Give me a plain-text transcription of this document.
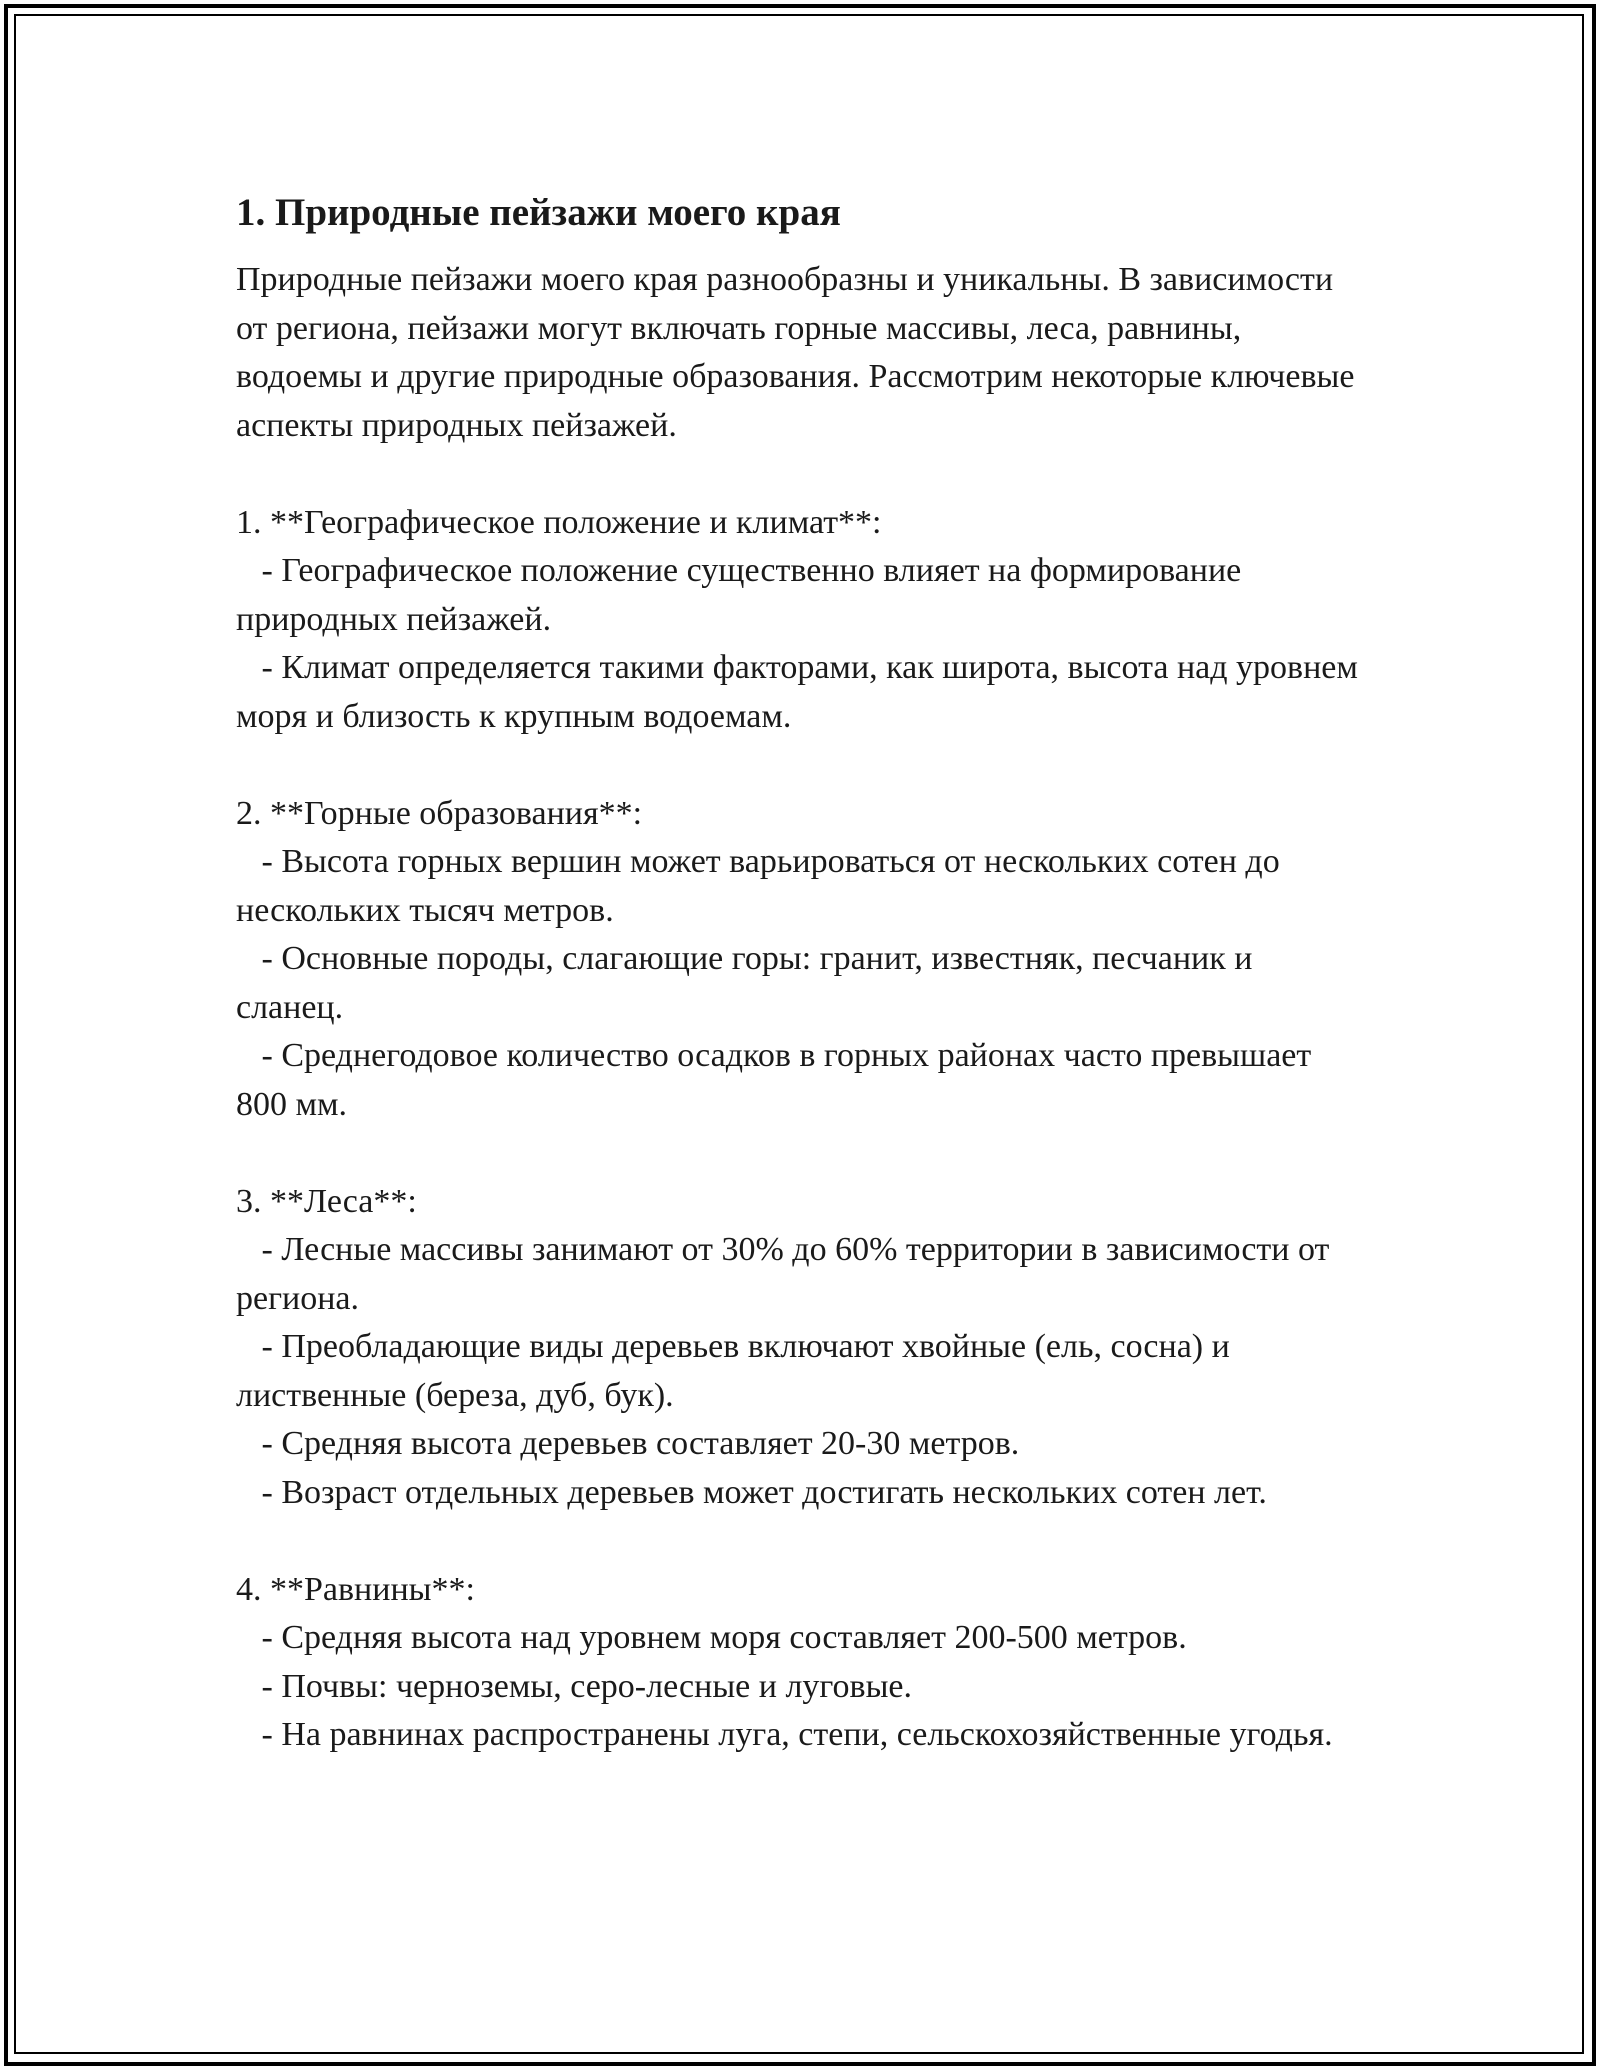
1. Природные пейзажи моего края

Природные пейзажи моего края разнообразны и уникальны. В зависимости от региона, пейзажи могут включать горные массивы, леса, равнины, водоемы и другие природные образования. Рассмотрим некоторые ключевые аспекты природных пейзажей.

1. **Географическое положение и климат**:

- Географическое положение существенно влияет на формирование природных пейзажей.

- Климат определяется такими факторами, как широта, высота над уровнем моря и близость к крупным водоемам.

2. **Горные образования**:

- Высота горных вершин может варьироваться от нескольких сотен до нескольких тысяч метров.

- Основные породы, слагающие горы: гранит, известняк, песчаник и сланец.

- Среднегодовое количество осадков в горных районах часто превышает 800 мм.

3. **Леса**:

- Лесные массивы занимают от 30% до 60% территории в зависимости от региона.

- Преобладающие виды деревьев включают хвойные (ель, сосна) и лиственные (береза, дуб, бук).

- Средняя высота деревьев составляет 20-30 метров.

- Возраст отдельных деревьев может достигать нескольких сотен лет.

4. **Равнины**:

- Средняя высота над уровнем моря составляет 200-500 метров.

- Почвы: черноземы, серо-лесные и луговые.

- На равнинах распространены луга, степи, сельскохозяйственные угодья.
